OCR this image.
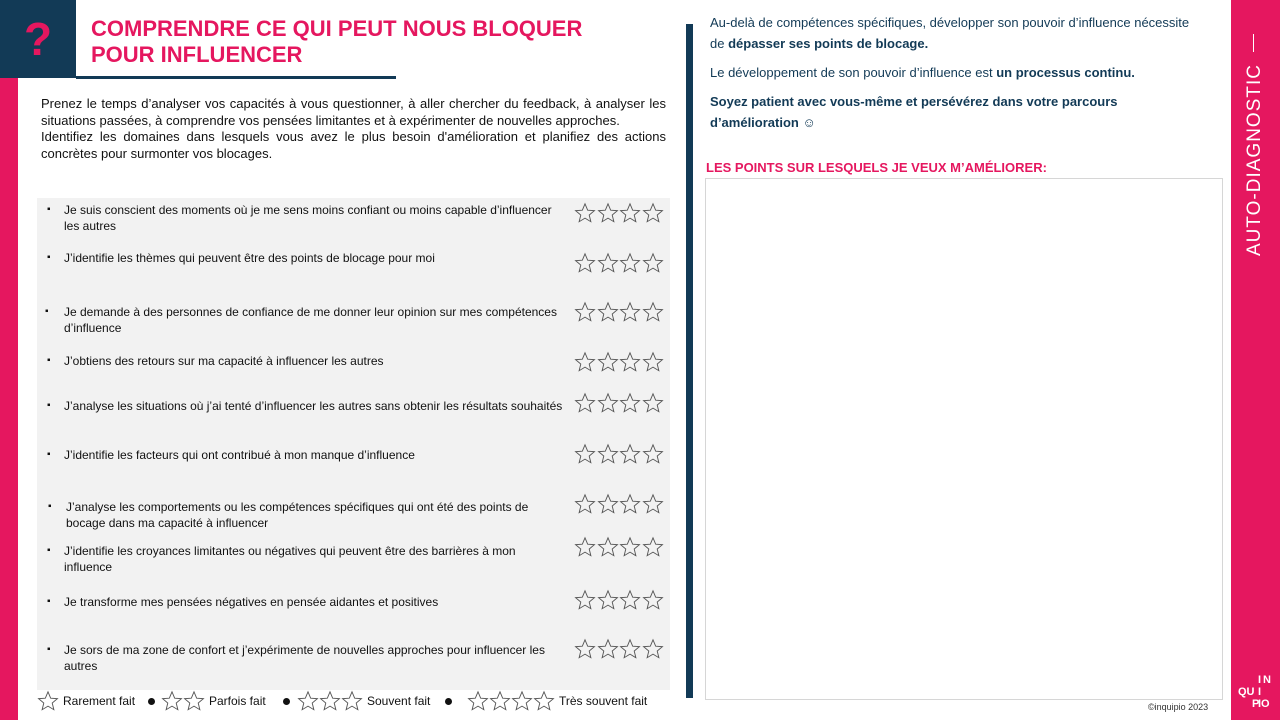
? COMPRENDRE CE QUI PEUT NOUS BLOQUER
POUR INFLUENCER

Prenez le temps d’analyser vos capacités à vous questionner, à aller chercher du feedback, à analyser les situations passées, à comprendre vos pensées limitantes et à expérimenter de nouvelles approches.

Identifiez les domaines dans lesquels vous avez le plus besoin d'amélioration et planifiez des actions concrètes pour surmonter vos blocages.

▪ Je suis conscient des moments où je me sens moins confiant ou moins capable d’influencer les autres
▪ J’identifie les thèmes qui peuvent être des points de blocage pour moi
▪ Je demande à des personnes de confiance de me donner leur opinion sur mes compétences d’influence
▪ J’obtiens des retours sur ma capacité à influencer les autres
▪ J’analyse les situations où j’ai tenté d’influencer les autres sans obtenir les résultats souhaités
▪ J’identifie les facteurs qui ont contribué à mon manque d’influence
▪ J’analyse les comportements ou les compétences spécifiques qui ont été des points de bocage dans ma capacité à influencer
▪ J’identifie les croyances limitantes ou négatives qui peuvent être des barrières à mon influence
▪ Je transforme mes pensées négatives en pensée aidantes et positives
▪ Je sors de ma zone de confort et j’expérimente de nouvelles approches pour influencer les autres
Rarement fait	Parfois fait	Souvent fait	Très souvent fait

Au-delà de compétences spécifiques, développer son pouvoir d’influence nécessite de dépasser ses points de blocage.

Le développement de son pouvoir d’influence est un processus continu.

Soyez patient avec vous-même et persévérez dans votre parcours d’amélioration ☺

LES POINTS SUR LESQUELS JE VEUX M’AMÉLIORER:	AUTO-DIAGNOSTIC
I N
QU I
P
IO
©inquipio 2023
